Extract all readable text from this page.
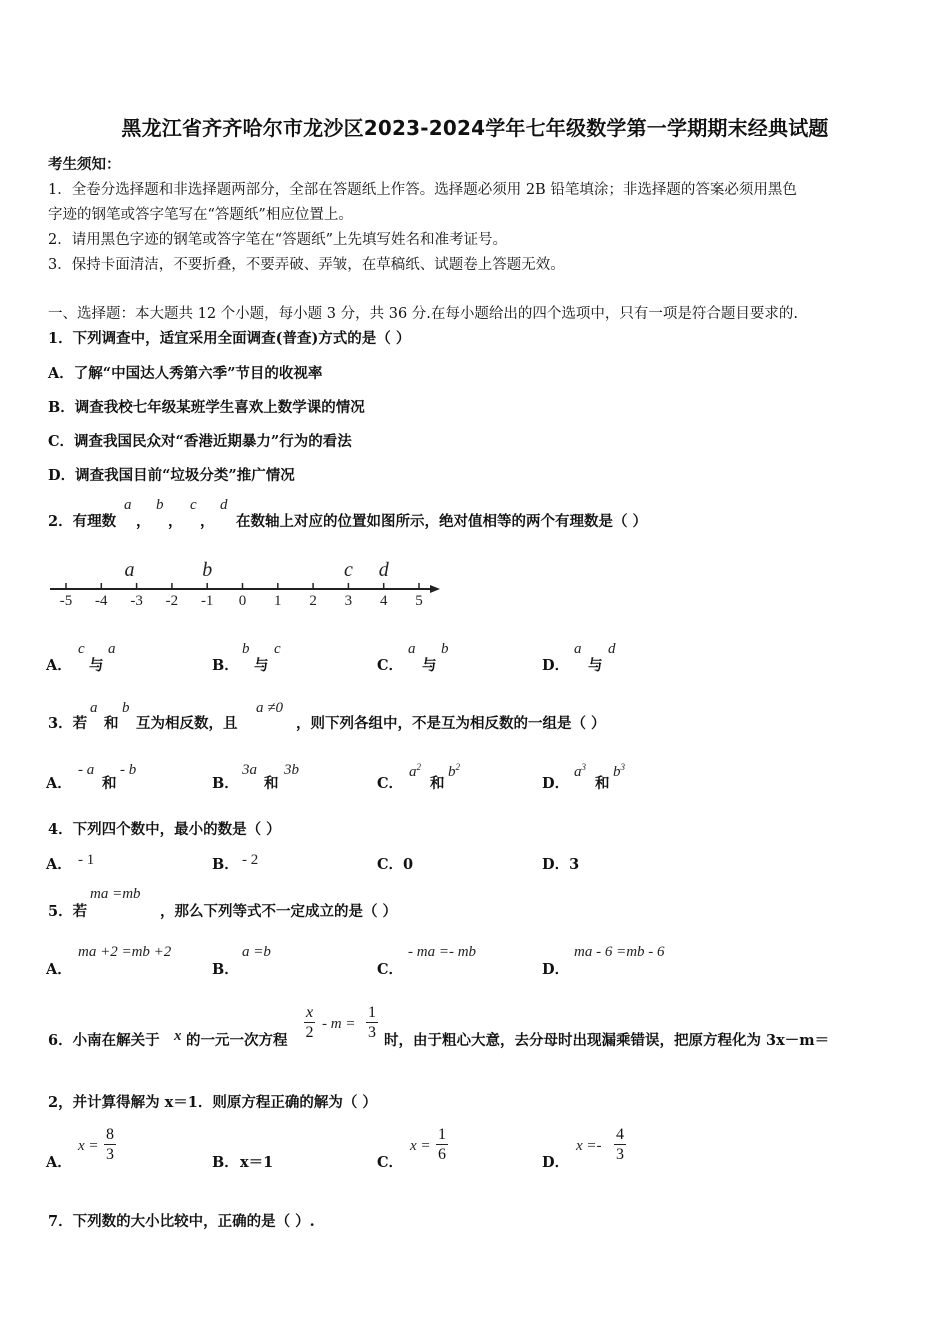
黑龙江省齐齐哈尔市龙沙区2023-2024学年七年级数学第一学期期末经典试题
考生须知：
1．全卷分选择题和非选择题两部分，全部在答题纸上作答。选择题必须用 2B 铅笔填涂；非选择题的答案必须用黑色
字迹的钢笔或答字笔写在“答题纸”相应位置上。
2．请用黑色字迹的钢笔或答字笔在“答题纸”上先填写姓名和准考证号。
3．保持卡面清洁，不要折叠，不要弄破、弄皱，在草稿纸、试题卷上答题无效。
一、选择题：本大题共 12 个小题，每小题 3 分，共 36 分.在每小题给出的四个选项中，只有一项是符合题目要求的.
1．下列调查中，适宜采用全面调查(普查)方式的是（ ）
A．了解“中国达人秀第六季”节目的收视率
B．调查我校七年级某班学生喜欢上数学课的情况
C．调查我国民众对“香港近期暴力”行为的看法
D．调查我国目前“垃圾分类”推广情况
2．有理数
a
，
b
，
c
，
d
在数轴上对应的位置如图所示，绝对值相等的两个有理数是（ ）
-5 -4 -3 -2 -1 0 1 2 3 4 5
a	b	c d
A．
c
与
a
B．
b
与
c
C．
a
与
b
D．
a
与
d
3．若
a
和
b
互为相反数，且
a ≠0
，则下列各组中，不是互为相反数的一组是（ ）
A．
- a
和
- b
B．
3a
和
3b
C．
$a^2$
和
$b^2$
D．
$a^3$
和
$b^3$
4．下列四个数中，最小的数是（ ）
A． - 1	B． - 2	C．0	D．3
5．若
ma =mb
，那么下列等式不一定成立的是（ ）
A．
ma +2 =mb +2
B．
a =b
C．
- ma =- mb
D．
ma - 6 =mb - 6
6．小南在解关于 x 的一元一次方程 $\frac{x}{2} - m = \frac{1}{3}$ 时，由于粗心大意，去分母时出现漏乘错误，把原方程化为 3x－m＝
2，并计算得解为 x＝1．则原方程正确的解为（ ）
A．
$x = \frac{8}{3}$	B． x＝1	C．
$x = \frac{1}{6}$	D．
$x =- \frac{4}{3}$
7．下列数的大小比较中，正确的是（ ）.
